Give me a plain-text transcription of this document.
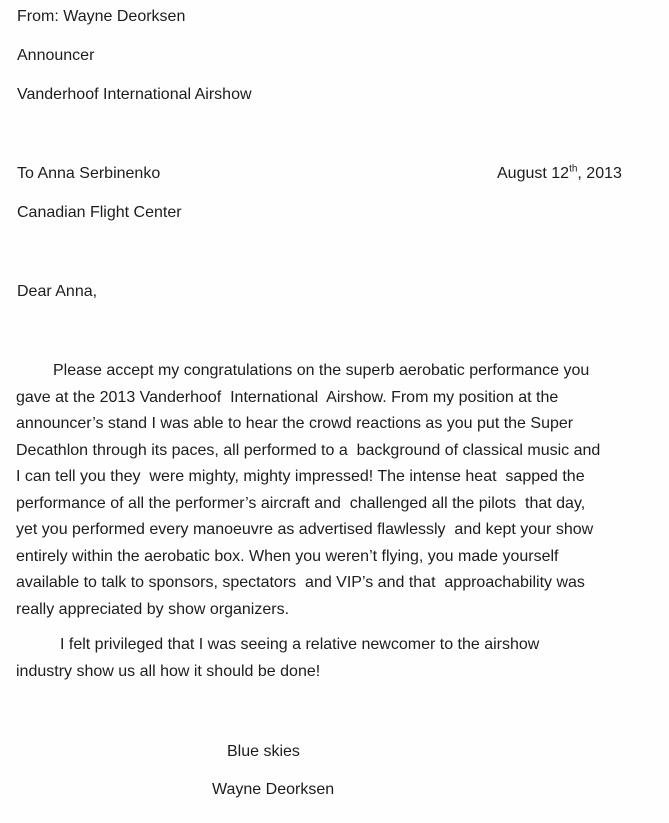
From: Wayne Deorksen
Announcer
Vanderhoof International Airshow
To Anna Serbinenko	August 12th, 2013
Canadian Flight Center
Dear Anna,
Please accept my congratulations on the superb aerobatic performance you
gave at the 2013 Vanderhoof  International  Airshow. From my position at the
announcer’s stand I was able to hear the crowd reactions as you put the Super
Decathlon through its paces, all performed to a  background of classical music and
I can tell you they  were mighty, mighty impressed! The intense heat  sapped the
performance of all the performer’s aircraft and  challenged all the pilots  that day,
yet you performed every manoeuvre as advertised flawlessly  and kept your show
entirely within the aerobatic box. When you weren’t flying, you made yourself
available to talk to sponsors, spectators  and VIP’s and that  approachability was
really appreciated by show organizers.
I felt privileged that I was seeing a relative newcomer to the airshow
industry show us all how it should be done!
Blue skies
Wayne Deorksen
